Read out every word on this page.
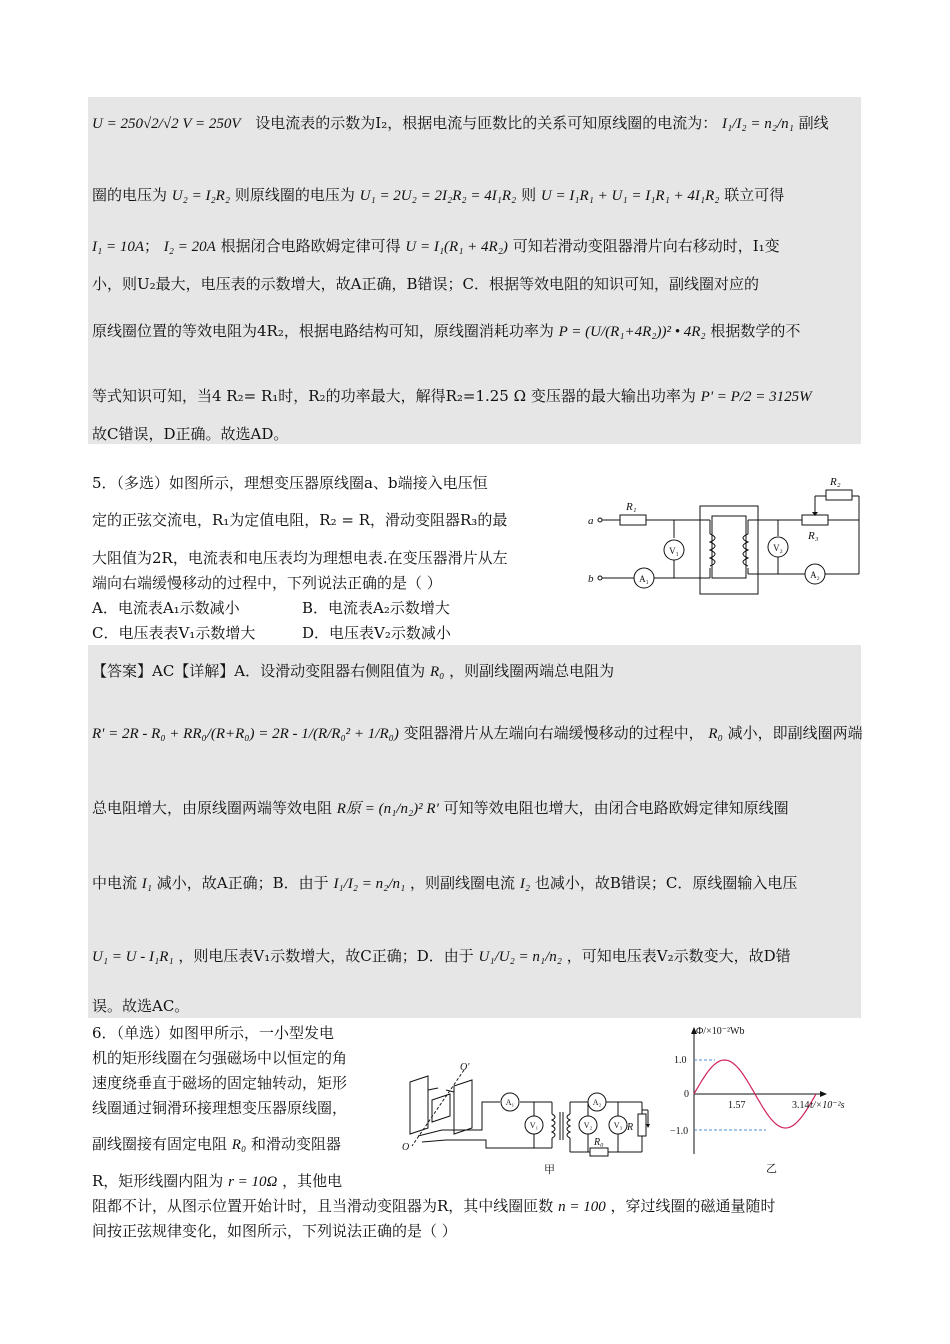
U = 250√2/√2 V = 250V 设电流表的示数为I₂，根据电流与匝数比的关系可知原线圈的电流为： I₁/I₂ = n₂/n₁ 副线
圈的电压为 U₂ = I₂R₂ 则原线圈的电压为 U₁ = 2U₂ = 2I₂R₂ = 4I₁R₂ 则 U = I₁R₁ + U₁ = I₁R₁ + 4I₁R₂ 联立可得
I₁ = 10A； I₂ = 20A 根据闭合电路欧姆定律可得 U = I₁(R₁ + 4R₂) 可知若滑动变阻器滑片向右移动时，I₁变
小，则U₂最大，电压表的示数增大，故A正确，B错误；C．根据等效电阻的知识可知，副线圈对应的
原线圈位置的等效电阻为4R₂，根据电路结构可知，原线圈消耗功率为 P = (U/(R₁+4R₂))² • 4R₂ 根据数学的不
等式知识可知，当4 R₂= R₁时，R₂的功率最大，解得R₂=1.25 Ω 变压器的最大输出功率为 P' = P/2 = 3125W
故C错误，D正确。故选AD。
5．（多选）如图所示，理想变压器原线圈a、b端接入电压恒
定的正弦交流电，R₁为定值电阻，R₂ = R，滑动变阻器R₃的最
大阻值为2R，电流表和电压表均为理想电表.在变压器滑片从左
端向右端缓慢移动的过程中，下列说法正确的是（ ）
A．电流表A₁示数减小	B．电流表A₂示数增大
C．电压表表V₁示数增大	D．电压表V₂示数减小
a
b
R₁
R₂
R₃
V₁
A₁
V₂
A₂
【答案】AC【详解】A．设滑动变阻器右侧阻值为 R₀ ，则副线圈两端总电阻为
R' = 2R - R₀ + RR₀/(R+R₀) = 2R - 1/(R/R₀² + 1/R₀) 变阻器滑片从左端向右端缓慢移动的过程中， R₀ 减小，即副线圈两端
总电阻增大，由原线圈两端等效电阻 R原 = (n₁/n₂)² R' 可知等效电阻也增大，由闭合电路欧姆定律知原线圈
中电流 I₁ 减小，故A正确；B．由于 I₁/I₂ = n₂/n₁ ，则副线圈电流 I₂ 也减小，故B错误；C．原线圈输入电压
U₁ = U - I₁R₁ ，则电压表V₁示数增大，故C正确；D．由于 U₁/U₂ = n₁/n₂ ，可知电压表V₂示数变大，故D错
误。故选AC。
6．（单选）如图甲所示，一小型发电
机的矩形线圈在匀强磁场中以恒定的角
速度绕垂直于磁场的固定轴转动，矩形
线圈通过铜滑环接理想变压器原线圈，
副线圈接有固定电阻 R₀ 和滑动变阻器
R，矩形线圈内阻为 r = 10Ω ，其他电
阻都不计，从图示位置开始计时，且当滑动变阻器为R，其中线圈匝数 n = 100 ，穿过线圈的磁通量随时
间按正弦规律变化，如图所示，下列说法正确的是（ ）
A₁
V₁
A₂
V₂	V₃
O'
O	R₀
R
甲
Φ/×10⁻²Wb
t/×10⁻²s
1.0
0
−1.0
1.57	3.14
乙
